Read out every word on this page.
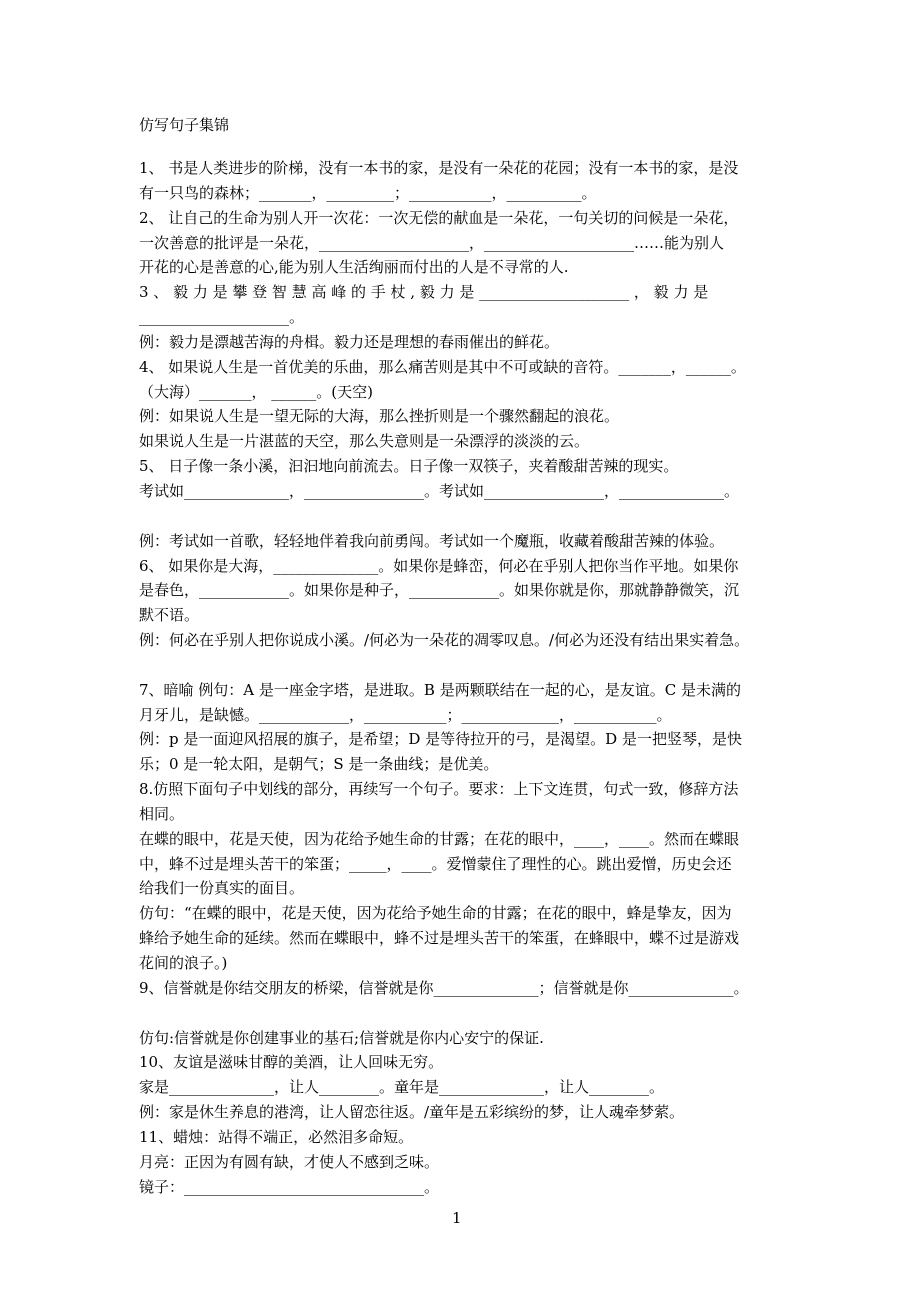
仿写句子集锦
1、 书是人类进步的阶梯，没有一本书的家，是没有一朵花的花园；没有一本书的家，是没
有一只鸟的森林；_______，_________；___________，__________。
2、 让自己的生命为别人开一次花：一次无偿的献血是一朵花，一句关切的问候是一朵花，
一次善意的批评是一朵花，____________________，____________________……能为别人
开花的心是善意的心,能为别人生活绚丽而付出的人是不寻常的人.
3 、 毅 力 是 攀 登 智 慧 高 峰 的 手 杖 , 毅 力 是 ____________________ ， 毅 力 是
____________________。
例：毅力是漂越苦海的舟楫。毅力还是理想的春雨催出的鲜花。
4、 如果说人生是一首优美的乐曲，那么痛苦则是其中不可或缺的音符。_______，______。
（大海）_______， ______。(天空)
例：如果说人生是一望无际的大海，那么挫折则是一个骤然翻起的浪花。
如果说人生是一片湛蓝的天空，那么失意则是一朵漂浮的淡淡的云。
5、 日子像一条小溪，汩汩地向前流去。日子像一双筷子，夹着酸甜苦辣的现实。
考试如______________，________________。考试如________________，______________。
例：考试如一首歌，轻轻地伴着我向前勇闯。考试如一个魔瓶，收藏着酸甜苦辣的体验。
6、 如果你是大海，______________。如果你是蜂峦，何必在乎别人把你当作平地。如果你
是春色，____________。如果你是种子，____________。如果你就是你，那就静静微笑，沉
默不语。
例：何必在乎别人把你说成小溪。/何必为一朵花的凋零叹息。/何必为还没有结出果实着急。
7、暗喻 例句：A 是一座金字塔，是进取。B 是两颗联结在一起的心，是友谊。C 是未满的
月牙儿，是缺憾。____________，___________；_____________，___________。
例：p 是一面迎风招展的旗子，是希望；D 是等待拉开的弓，是渴望。D 是一把竖琴，是快
乐；0 是一轮太阳，是朝气；S 是一条曲线；是优美。
8.仿照下面句子中划线的部分，再续写一个句子。要求：上下文连贯，句式一致，修辞方法
相同。
在蝶的眼中，花是天使，因为花给予她生命的甘露；在花的眼中，____，____。然而在蝶眼
中，蜂不过是埋头苦干的笨蛋；_____，____。爱憎蒙住了理性的心。跳出爱憎，历史会还
给我们一份真实的面目。
仿句：“在蝶的眼中，花是天使，因为花给予她生命的甘露；在花的眼中，蜂是挚友，因为
蜂给予她生命的延续。然而在蝶眼中，蜂不过是埋头苦干的笨蛋，在蜂眼中，蝶不过是游戏
花间的浪子。)
9、信誉就是你结交朋友的桥梁，信誉就是你______________；信誉就是你______________。
仿句:信誉就是你创建事业的基石;信誉就是你内心安宁的保证.
10、友谊是滋味甘醇的美酒，让人回味无穷。
家是______________，让人________。童年是______________，让人________。
例：家是休生养息的港湾，让人留恋往返。/童年是五彩缤纷的梦，让人魂牵梦萦。
11、蜡烛：站得不端正，必然泪多命短。
月亮：正因为有圆有缺，才使人不感到乏味。
镜子：________________________________。
1
